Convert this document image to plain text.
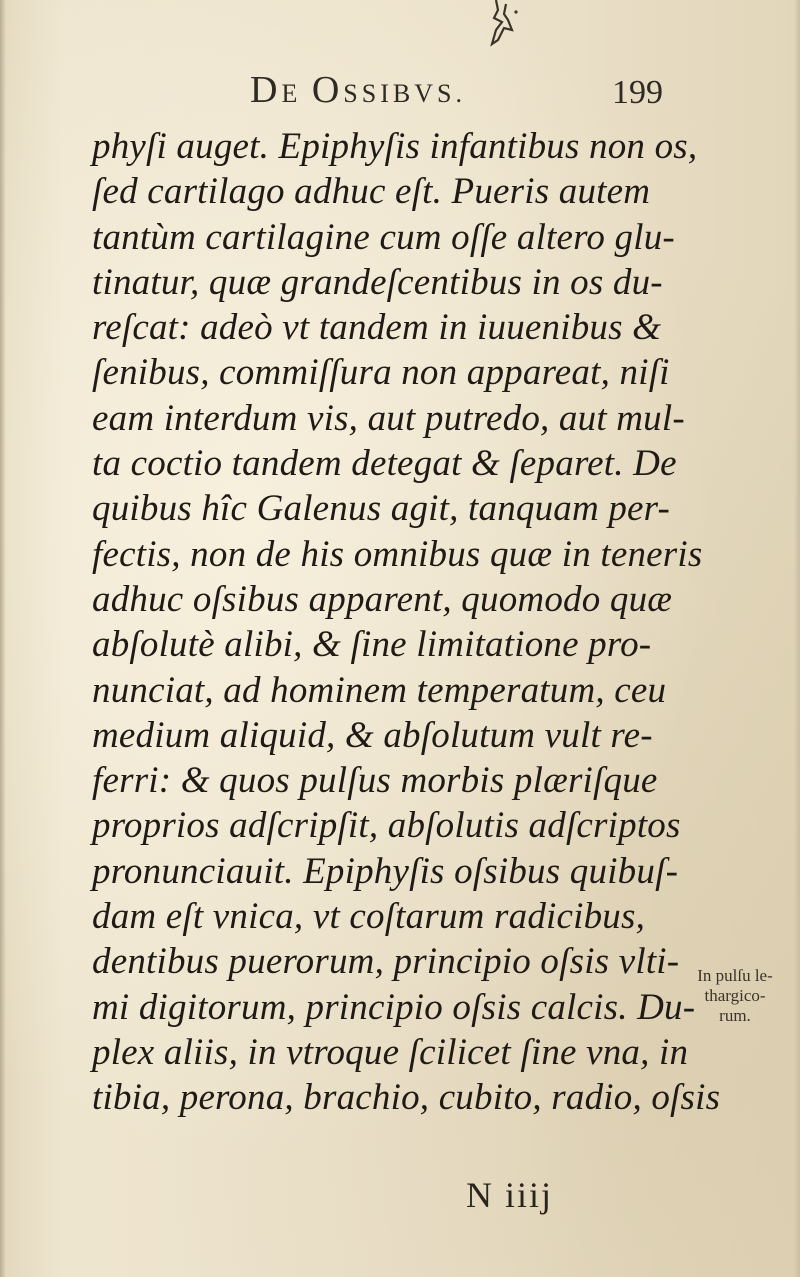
DE OSSIBVS.	199
phyſi auget. Epiphyſis infantibus non os,
ſed cartilago adhuc eſt. Pueris autem
tantùm cartilagine cum oſſe altero glu-
tinatur, quæ grandeſcentibus in os du-
reſcat: adeò vt tandem in iuuenibus &
ſenibus, commiſſura non appareat, niſi
eam interdum vis, aut putredo, aut mul-
ta coctio tandem detegat & ſeparet. De
quibus hîc Galenus agit, tanquam per-
fectis, non de his omnibus quæ in teneris
adhuc oſsibus apparent, quomodo quæ
abſolutè alibi, & ſine limitatione pro-
nunciat, ad hominem temperatum, ceu
medium aliquid, & abſolutum vult re-
ferri: & quos pulſus morbis plæriſque
proprios adſcripſit, abſolutis adſcriptos
pronunciauit. Epiphyſis oſsibus quibuſ-
dam eſt vnica, vt coſtarum radicibus,
dentibus puerorum, principio oſsis vlti-
mi digitorum, principio oſsis calcis. Du-
plex aliis, in vtroque ſcilicet ſine vna, in
tibia, perona, brachio, cubito, radio, oſsis
In pulſu le-
thargico-
rum.
N iiij
